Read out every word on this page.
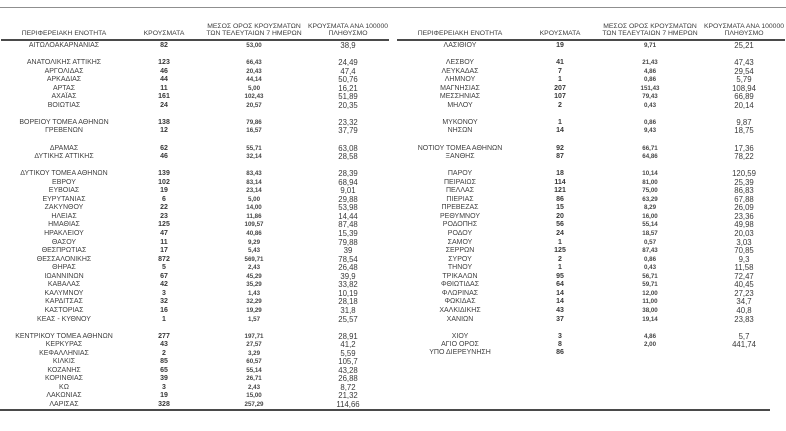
ΠΕΡΙΦΕΡΕΙΑΚΗ ΕΝΟΤΗΤΑ	ΚΡΟΥΣΜΑΤΑ
ΜΕΣΟΣ ΟΡΟΣ ΚΡΟΥΣΜΑΤΩΝ ΤΩΝ ΤΕΛΕΥΤΑΙΩΝ 7 ΗΜΕΡΩΝ
ΚΡΟΥΣΜΑΤΑ ΑΝΑ 100000 ΠΛΗΘΥΣΜΟ
ΑΙΤΩΛΟΑΚΑΡΝΑΝΙΑΣ	82	53,00	38,9
ΑΝΑΤΟΛΙΚΗΣ ΑΤΤΙΚΗΣ	123	66,43	24,49
ΑΡΓΟΛΙΔΑΣ	46	20,43	47,4
ΑΡΚΑΔΙΑΣ	44	44,14	50,76
ΑΡΤΑΣ	11	5,00	16,21
ΑΧΑΪΑΣ	161	102,43	51,89
ΒΟΙΩΤΙΑΣ	24	20,57	20,35
ΒΟΡΕΙΟΥ ΤΟΜΕΑ ΑΘΗΝΩΝ	138	79,86	23,32
ΓΡΕΒΕΝΩΝ	12	16,57	37,79
ΔΡΑΜΑΣ	62	55,71	63,08
ΔΥΤΙΚΗΣ ΑΤΤΙΚΗΣ	46	32,14	28,58
ΔΥΤΙΚΟΥ ΤΟΜΕΑ ΑΘΗΝΩΝ	139	83,43	28,39
ΕΒΡΟΥ	102	83,14	68,94
ΕΥΒΟΙΑΣ	19	23,14	9,01
ΕΥΡΥΤΑΝΙΑΣ	6	5,00	29,88
ΖΑΚΥΝΘΟΥ	22	14,00	53,98
ΗΛΕΙΑΣ	23	11,86	14,44
ΗΜΑΘΙΑΣ	125	109,57	87,48
ΗΡΑΚΛΕΙΟΥ	47	40,86	15,39
ΘΑΣΟΥ	11	9,29	79,88
ΘΕΣΠΡΩΤΙΑΣ	17	5,43	39
ΘΕΣΣΑΛΟΝΙΚΗΣ	872	569,71	78,54
ΘΗΡΑΣ	5	2,43	26,48
ΙΩΑΝΝΙΝΩΝ	67	45,29	39,9
ΚΑΒΑΛΑΣ	42	35,29	33,82
ΚΑΛΥΜΝΟΥ	3	1,43	10,19
ΚΑΡΔΙΤΣΑΣ	32	32,29	28,18
ΚΑΣΤΟΡΙΑΣ	16	19,29	31,8
ΚΕΑΣ - ΚΥΘΝΟΥ	1	1,57	25,57
ΚΕΝΤΡΙΚΟΥ ΤΟΜΕΑ ΑΘΗΝΩΝ	277	197,71	28,91
ΚΕΡΚΥΡΑΣ	43	27,57	41,2
ΚΕΦΑΛΛΗΝΙΑΣ	2	3,29	5,59
ΚΙΛΚΙΣ	85	60,57	105,7
ΚΟΖΑΝΗΣ	65	55,14	43,28
ΚΟΡΙΝΘΙΑΣ	39	26,71	26,88
ΚΩ	3	2,43	8,72
ΛΑΚΩΝΙΑΣ	19	15,00	21,32
ΛΑΡΙΣΑΣ	328	257,29	114,66
ΠΕΡΙΦΕΡΕΙΑΚΗ ΕΝΟΤΗΤΑ	ΚΡΟΥΣΜΑΤΑ
ΜΕΣΟΣ ΟΡΟΣ ΚΡΟΥΣΜΑΤΩΝ ΤΩΝ ΤΕΛΕΥΤΑΙΩΝ 7 ΗΜΕΡΩΝ
ΚΡΟΥΣΜΑΤΑ ΑΝΑ 100000 ΠΛΗΘΥΣΜΟ
ΛΑΣΙΘΙΟΥ	19	9,71	25,21
ΛΕΣΒΟΥ	41	21,43	47,43
ΛΕΥΚΑΔΑΣ	7	4,86	29,54
ΛΗΜΝΟΥ	1	0,86	5,79
ΜΑΓΝΗΣΙΑΣ	207	151,43	108,94
ΜΕΣΣΗΝΙΑΣ	107	79,43	66,89
ΜΗΛΟΥ	2	0,43	20,14
ΜΥΚΟΝΟΥ	1	0,86	9,87
ΝΗΣΩΝ	14	9,43	18,75
ΝΟΤΙΟΥ ΤΟΜΕΑ ΑΘΗΝΩΝ	92	66,71	17,36
ΞΑΝΘΗΣ	87	64,86	78,22
ΠΑΡΟΥ	18	10,14	120,59
ΠΕΙΡΑΙΩΣ	114	81,00	25,39
ΠΕΛΛΑΣ	121	75,00	86,83
ΠΙΕΡΙΑΣ	86	63,29	67,88
ΠΡΕΒΕΖΑΣ	15	8,29	26,09
ΡΕΘΥΜΝΟΥ	20	16,00	23,36
ΡΟΔΟΠΗΣ	56	55,14	49,98
ΡΟΔΟΥ	24	18,57	20,03
ΣΑΜΟΥ	1	0,57	3,03
ΣΕΡΡΩΝ	125	87,43	70,85
ΣΥΡΟΥ	2	0,86	9,3
ΤΗΝΟΥ	1	0,43	11,58
ΤΡΙΚΑΛΩΝ	95	56,71	72,47
ΦΘΙΩΤΙΔΑΣ	64	59,71	40,45
ΦΛΩΡΙΝΑΣ	14	12,00	27,23
ΦΩΚΙΔΑΣ	14	11,00	34,7
ΧΑΛΚΙΔΙΚΗΣ	43	38,00	40,8
ΧΑΝΙΩΝ	37	19,14	23,83
ΧΙΟΥ	3	4,86	5,7
ΑΓΙΟ ΟΡΟΣ	8	2,00	441,74
ΥΠΟ ΔΙΕΡΕΥΝΗΣΗ	86
